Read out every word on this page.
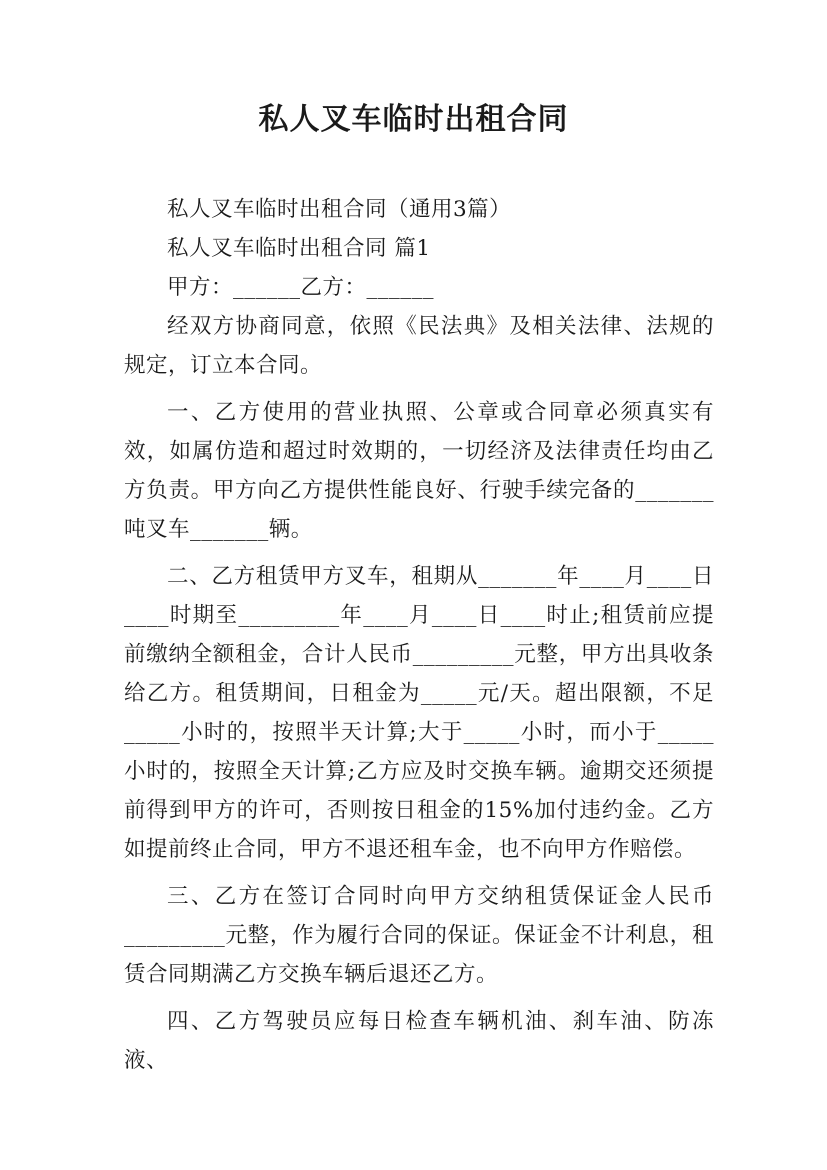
私人叉车临时出租合同

私人叉车临时出租合同（通用3篇）

私人叉车临时出租合同 篇1

甲方：______乙方：______

经双方协商同意，依照《民法典》及相关法律、法规的规定，订立本合同。

一、乙方使用的营业执照、公章或合同章必须真实有效，如属仿造和超过时效期的，一切经济及法律责任均由乙方负责。甲方向乙方提供性能良好、行驶手续完备的_______吨叉车_______辆。

二、乙方租赁甲方叉车，租期从_______年____月____日____时期至_________年____月____日____时止;租赁前应提前缴纳全额租金，合计人民币_________元整，甲方出具收条给乙方。租赁期间，日租金为_____元/天。超出限额，不足_____小时的，按照半天计算;大于_____小时，而小于_____小时的，按照全天计算;乙方应及时交换车辆。逾期交还须提前得到甲方的许可，否则按日租金的15%加付违约金。乙方如提前终止合同，甲方不退还租车金，也不向甲方作赔偿。

三、乙方在签订合同时向甲方交纳租赁保证金人民币_________元整，作为履行合同的保证。保证金不计利息，租赁合同期满乙方交换车辆后退还乙方。

四、乙方驾驶员应每日检查车辆机油、刹车油、防冻液、
